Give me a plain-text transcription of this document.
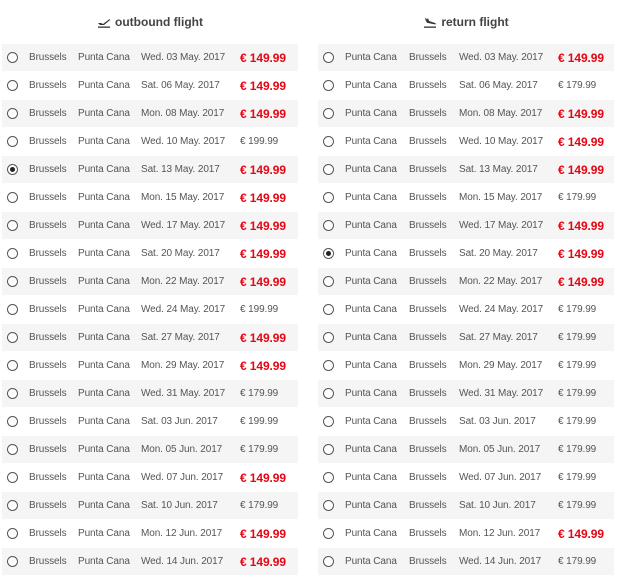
outbound flight
Brussels	Punta Cana	Wed. 03 May. 2017	€ 149.99
Brussels	Punta Cana	Sat. 06 May. 2017	€ 149.99
Brussels	Punta Cana	Mon. 08 May. 2017	€ 149.99
Brussels	Punta Cana	Wed. 10 May. 2017	€ 199.99
Brussels	Punta Cana	Sat. 13 May. 2017	€ 149.99
Brussels	Punta Cana	Mon. 15 May. 2017	€ 149.99
Brussels	Punta Cana	Wed. 17 May. 2017	€ 149.99
Brussels	Punta Cana	Sat. 20 May. 2017	€ 149.99
Brussels	Punta Cana	Mon. 22 May. 2017	€ 149.99
Brussels	Punta Cana	Wed. 24 May. 2017	€ 199.99
Brussels	Punta Cana	Sat. 27 May. 2017	€ 149.99
Brussels	Punta Cana	Mon. 29 May. 2017	€ 149.99
Brussels	Punta Cana	Wed. 31 May. 2017	€ 179.99
Brussels	Punta Cana	Sat. 03 Jun. 2017	€ 199.99
Brussels	Punta Cana	Mon. 05 Jun. 2017	€ 179.99
Brussels	Punta Cana	Wed. 07 Jun. 2017	€ 149.99
Brussels	Punta Cana	Sat. 10 Jun. 2017	€ 179.99
Brussels	Punta Cana	Mon. 12 Jun. 2017	€ 149.99
Brussels	Punta Cana	Wed. 14 Jun. 2017	€ 149.99
return flight
Punta Cana	Brussels	Wed. 03 May. 2017	€ 149.99
Punta Cana	Brussels	Sat. 06 May. 2017	€ 179.99
Punta Cana	Brussels	Mon. 08 May. 2017	€ 149.99
Punta Cana	Brussels	Wed. 10 May. 2017	€ 149.99
Punta Cana	Brussels	Sat. 13 May. 2017	€ 149.99
Punta Cana	Brussels	Mon. 15 May. 2017	€ 179.99
Punta Cana	Brussels	Wed. 17 May. 2017	€ 149.99
Punta Cana	Brussels	Sat. 20 May. 2017	€ 149.99
Punta Cana	Brussels	Mon. 22 May. 2017	€ 149.99
Punta Cana	Brussels	Wed. 24 May. 2017	€ 179.99
Punta Cana	Brussels	Sat. 27 May. 2017	€ 179.99
Punta Cana	Brussels	Mon. 29 May. 2017	€ 179.99
Punta Cana	Brussels	Wed. 31 May. 2017	€ 179.99
Punta Cana	Brussels	Sat. 03 Jun. 2017	€ 179.99
Punta Cana	Brussels	Mon. 05 Jun. 2017	€ 179.99
Punta Cana	Brussels	Wed. 07 Jun. 2017	€ 179.99
Punta Cana	Brussels	Sat. 10 Jun. 2017	€ 179.99
Punta Cana	Brussels	Mon. 12 Jun. 2017	€ 149.99
Punta Cana	Brussels	Wed. 14 Jun. 2017	€ 179.99
